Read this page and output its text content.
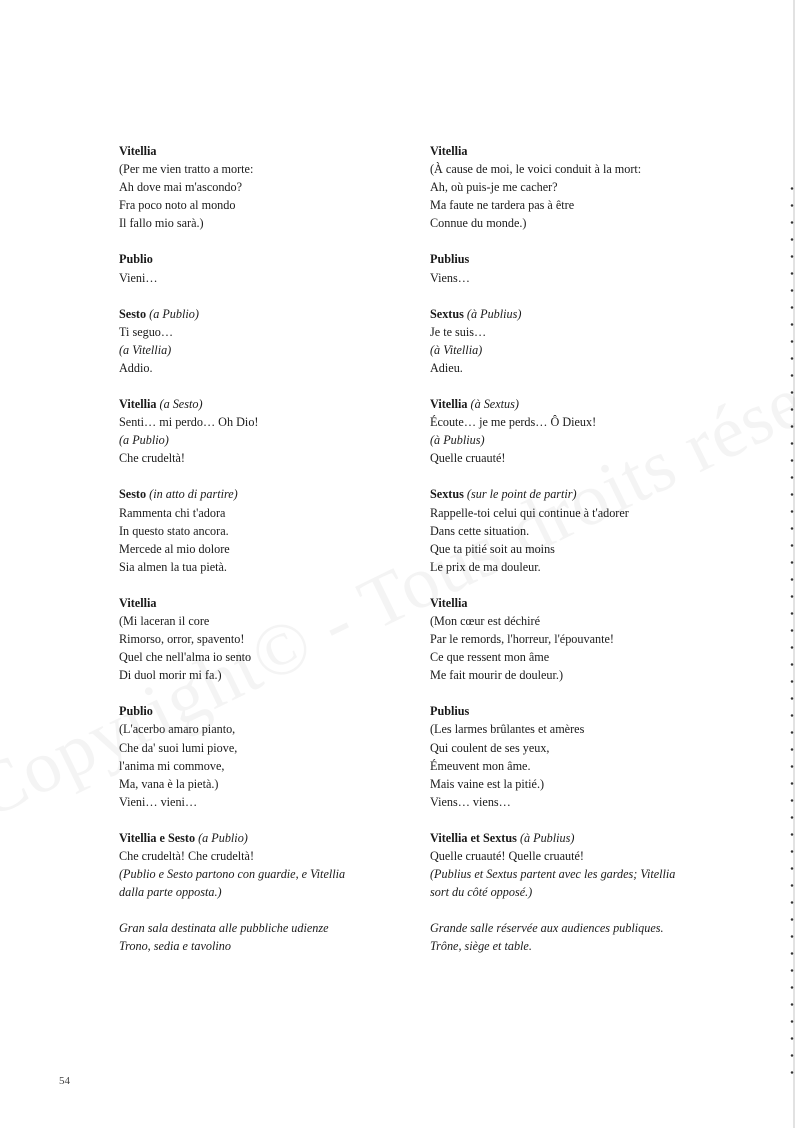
Vitellia
(Per me vien tratto a morte:
Ah dove mai m'ascondo?
Fra poco noto al mondo
Il fallo mio sarà.)
Publio
Vieni…
Sesto (a Publio)
Ti seguo…
(a Vitellia)
Addio.
Vitellia (a Sesto)
Senti… mi perdo… Oh Dio!
(a Publio)
Che crudeltà!
Sesto (in atto di partire)
Rammenta chi t'adora
In questo stato ancora.
Mercede al mio dolore
Sia almen la tua pietà.
Vitellia
(Mi laceran il core
Rimorso, orror, spavento!
Quel che nell'alma io sento
Di duol morir mi fa.)
Publio
(L'acerbo amaro pianto,
Che da' suoi lumi piove,
l'anima mi commove,
Ma, vana è la pietà.)
Vieni… vieni…
Vitellia e Sesto (a Publio)
Che crudeltà! Che crudeltà!
(Publio e Sesto partono con guardie, e Vitellia
dalla parte opposta.)
Gran sala destinata alle pubbliche udienze
Trono, sedia e tavolino
Vitellia
(À cause de moi, le voici conduit à la mort:
Ah, où puis-je me cacher?
Ma faute ne tardera pas à être
Connue du monde.)
Publius
Viens…
Sextus (à Publius)
Je te suis…
(à Vitellia)
Adieu.
Vitellia (à Sextus)
Écoute… je me perds… Ô Dieux!
(à Publius)
Quelle cruauté!
Sextus (sur le point de partir)
Rappelle-toi celui qui continue à t'adorer
Dans cette situation.
Que ta pitié soit au moins
Le prix de ma douleur.
Vitellia
(Mon cœur est déchiré
Par le remords, l'horreur, l'épouvante!
Ce que ressent mon âme
Me fait mourir de douleur.)
Publius
(Les larmes brûlantes et amères
Qui coulent de ses yeux,
Émeuvent mon âme.
Mais vaine est la pitié.)
Viens… viens…
Vitellia et Sextus (à Publius)
Quelle cruauté! Quelle cruauté!
(Publius et Sextus partent avec les gardes; Vitellia
sort du côté opposé.)
Grande salle réservée aux audiences publiques.
Trône, siège et table.
54
